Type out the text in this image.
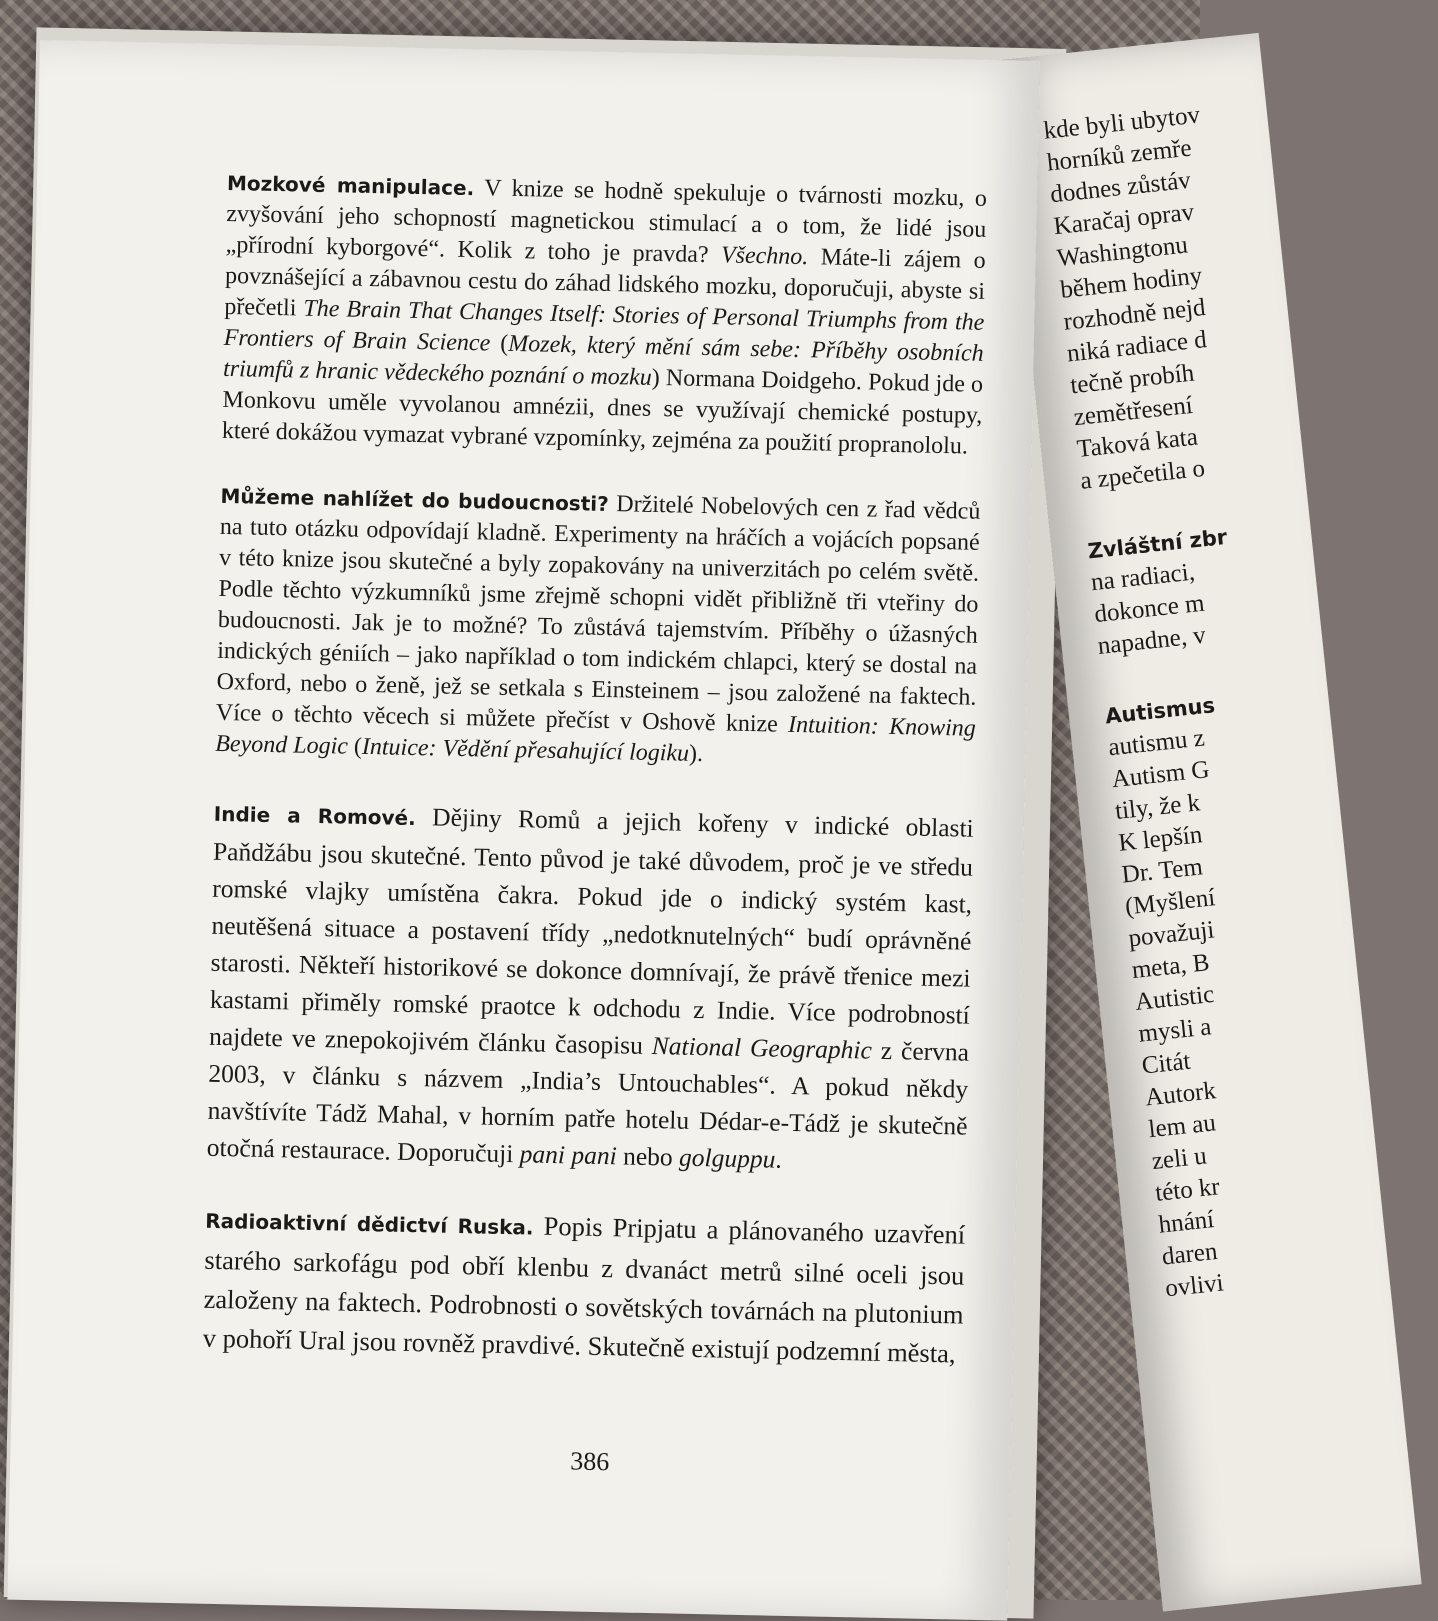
kde byli ubytov
horníků zemře
dodnes zůstáv
Karačaj oprav
Washingtonu
během hodiny
rozhodně nejd
niká radiace d
tečně probíh
zemětřesení
Taková kata
a zpečetila o
Zvláštní zbr
na radiaci,
dokonce m
napadne, v
Autismus
autismu z
Autism G
tily, že k
K lepšín
Dr. Tem
(Myšlení
považuji
meta, B
Autistic
mysli a
Citát
Autork
lem au
zeli u
této kr
hnání
daren
ovlivi

Mozkové manipulace. V knize se hodně spekuluje o tvárnosti mozku, o zvyšování jeho schopností magnetickou stimulací a o tom, že lidé jsou „přírodní kyborgové“. Kolik z toho je pravda? Všechno. Máte-li zájem o povznášející a zábavnou cestu do záhad lidského mozku, doporučuji, abyste si přečetli The Brain That Changes Itself: Stories of Personal Triumphs from the Frontiers of Brain Science (Mozek, který mění sám sebe: Příběhy osobních triumfů z hranic vědeckého poznání o mozku) Normana Doidgeho. Pokud jde o Monkovu uměle vyvolanou amnézii, dnes se využívají chemické postupy, které dokážou vymazat vybrané vzpomínky, zejména za použití propranololu.

Můžeme nahlížet do budoucnosti? Držitelé Nobelových cen z řad vědců na tuto otázku odpovídají kladně. Experimenty na hráčích a vojácích popsané v této knize jsou skutečné a byly zopakovány na univerzitách po celém světě. Podle těchto výzkumníků jsme zřejmě schopni vidět přibližně tři vteřiny do budoucnosti. Jak je to možné? To zůstává tajemstvím. Příběhy o úžasných indických géniích – jako například o tom indickém chlapci, který se dostal na Oxford, nebo o ženě, jež se setkala s Einsteinem – jsou založené na faktech. Více o těchto věcech si můžete přečíst v Oshově knize Intuition: Knowing Beyond Logic (Intuice: Vědění přesahující logiku).

Indie a Romové. Dějiny Romů a jejich kořeny v indické oblasti Paňdžábu jsou skutečné. Tento původ je také důvodem, proč je ve středu romské vlajky umístěna čakra. Pokud jde o indický systém kast, neutěšená situace a postavení třídy „nedotknutelných“ budí oprávněné starosti. Někteří historikové se dokonce domnívají, že právě třenice mezi kastami přiměly romské praotce k odchodu z Indie. Více podrobností najdete ve znepokojivém článku časopisu National Geographic z června 2003, v článku s názvem „India’s Untouchables“. A pokud někdy navštívíte Tádž Mahal, v horním patře hotelu Dédar-e-Tádž je skutečně otočná restaurace. Doporučuji pani pani nebo golguppu.

Radioaktivní dědictví Ruska. Popis Pripjatu a plánovaného uzavření starého sarkofágu pod obří klenbu z dvanáct metrů silné oceli jsou založeny na faktech. Podrobnosti o sovětských továrnách na plutonium v pohoří Ural jsou rovněž pravdivé. Skutečně existují podzemní města,

386
